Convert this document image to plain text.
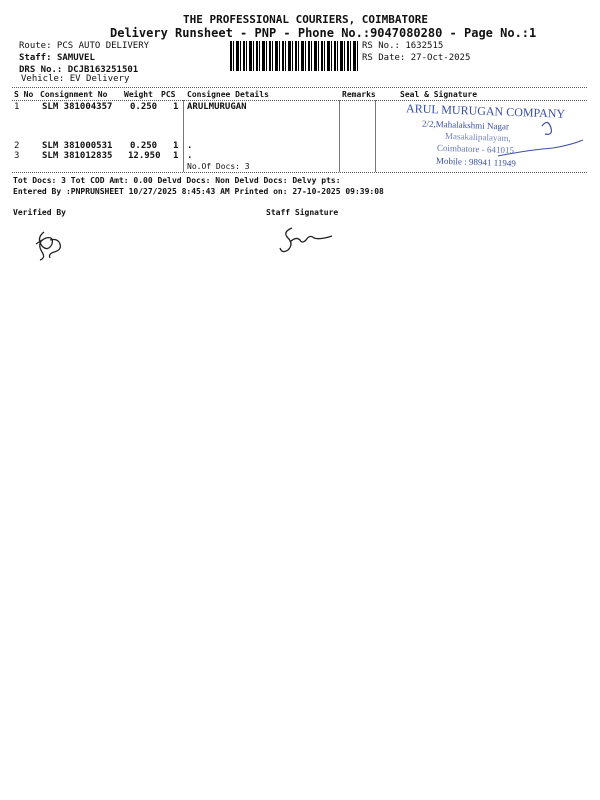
THE PROFESSIONAL COURIERS, COIMBATORE
Delivery Runsheet - PNP - Phone No.:9047080280 - Page No.:1
Route: PCS AUTO DELIVERY
Staff: SAMUVEL
DRS No.: DCJB163251501
Vehicle: EV Delivery
RS No.: 1632515
RS Date: 27-Oct-2025
S No Consignment No Weight PCS Consignee Details	Remarks	Seal & Signature
1	SLM 381004357 0.250 1 ARULMURUGAN
2	SLM 381000531 0.250 1 .
3	SLM 381012835 12.950 1 .
No.Of Docs: 3
ARUL MURUGAN COMPANY
2/2,Mahalakshmi Nagar
Masakalipalayam,
Coimbatore - 641015
Mobile : 98941 11949
Tot Docs: 3 Tot COD Amt: 0.00 Delvd Docs: Non Delvd Docs: Delvy pts:
Entered By :PNPRUNSHEET 10/27/2025 8:45:43 AM Printed on: 27-10-2025 09:39:08
Verified By	Staff Signature
